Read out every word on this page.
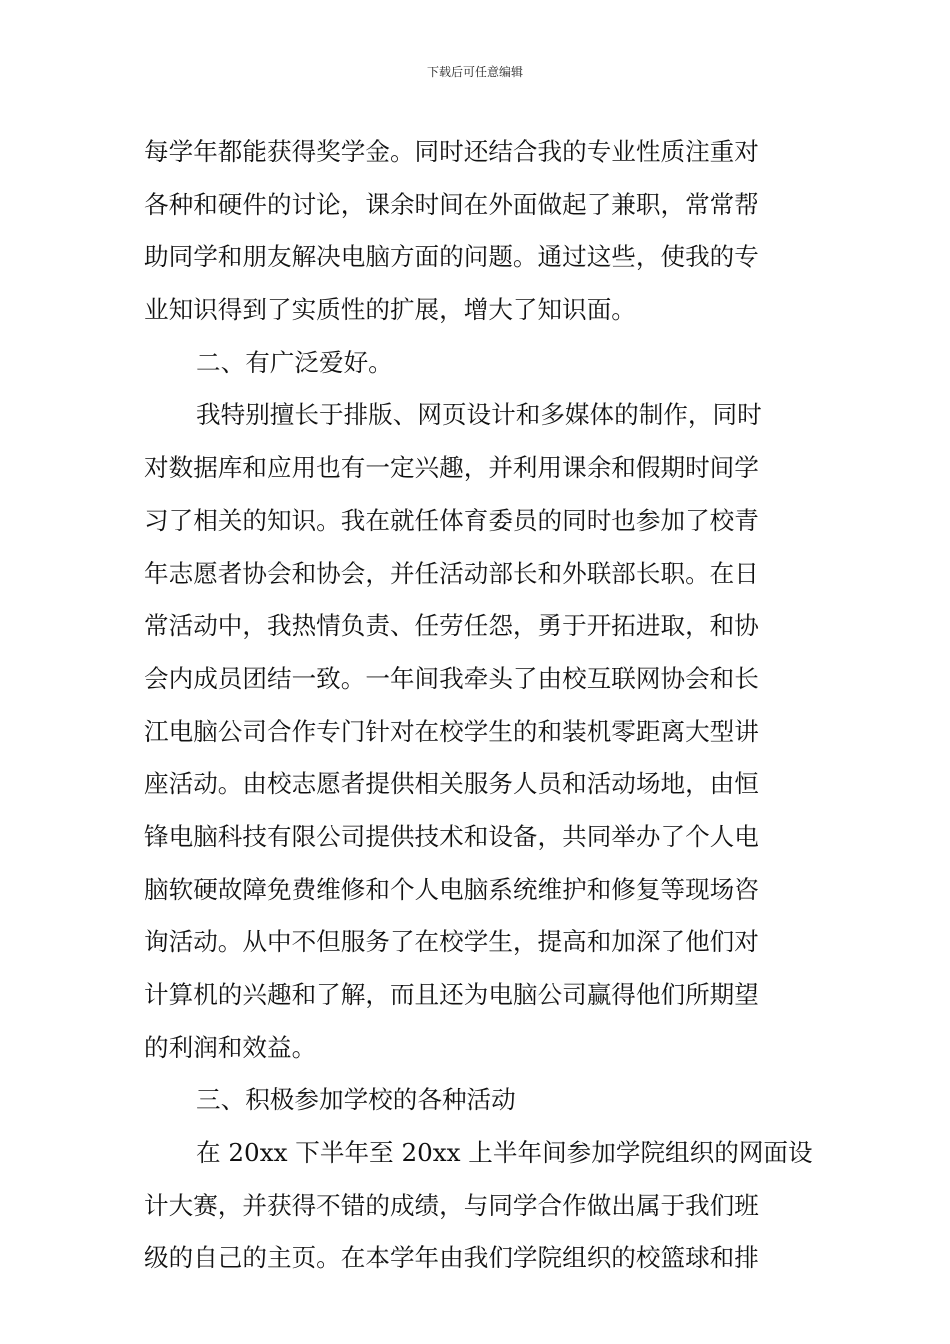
下载后可任意编辑
每学年都能获得奖学金。同时还结合我的专业性质注重对
各种和硬件的讨论，课余时间在外面做起了兼职，常常帮
助同学和朋友解决电脑方面的问题。通过这些，使我的专
业知识得到了实质性的扩展，增大了知识面。
二、有广泛爱好。
我特别擅长于排版、网页设计和多媒体的制作，同时
对数据库和应用也有一定兴趣，并利用课余和假期时间学
习了相关的知识。我在就任体育委员的同时也参加了校青
年志愿者协会和协会，并任活动部长和外联部长职。在日
常活动中，我热情负责、任劳任怨，勇于开拓进取，和协
会内成员团结一致。一年间我牵头了由校互联网协会和长
江电脑公司合作专门针对在校学生的和装机零距离大型讲
座活动。由校志愿者提供相关服务人员和活动场地，由恒
锋电脑科技有限公司提供技术和设备，共同举办了个人电
脑软硬故障免费维修和个人电脑系统维护和修复等现场咨
询活动。从中不但服务了在校学生，提高和加深了他们对
计算机的兴趣和了解，而且还为电脑公司赢得他们所期望
的利润和效益。
三、积极参加学校的各种活动
在 20xx 下半年至 20xx 上半年间参加学院组织的网面设
计大赛，并获得不错的成绩，与同学合作做出属于我们班
级的自己的主页。在本学年由我们学院组织的校篮球和排
